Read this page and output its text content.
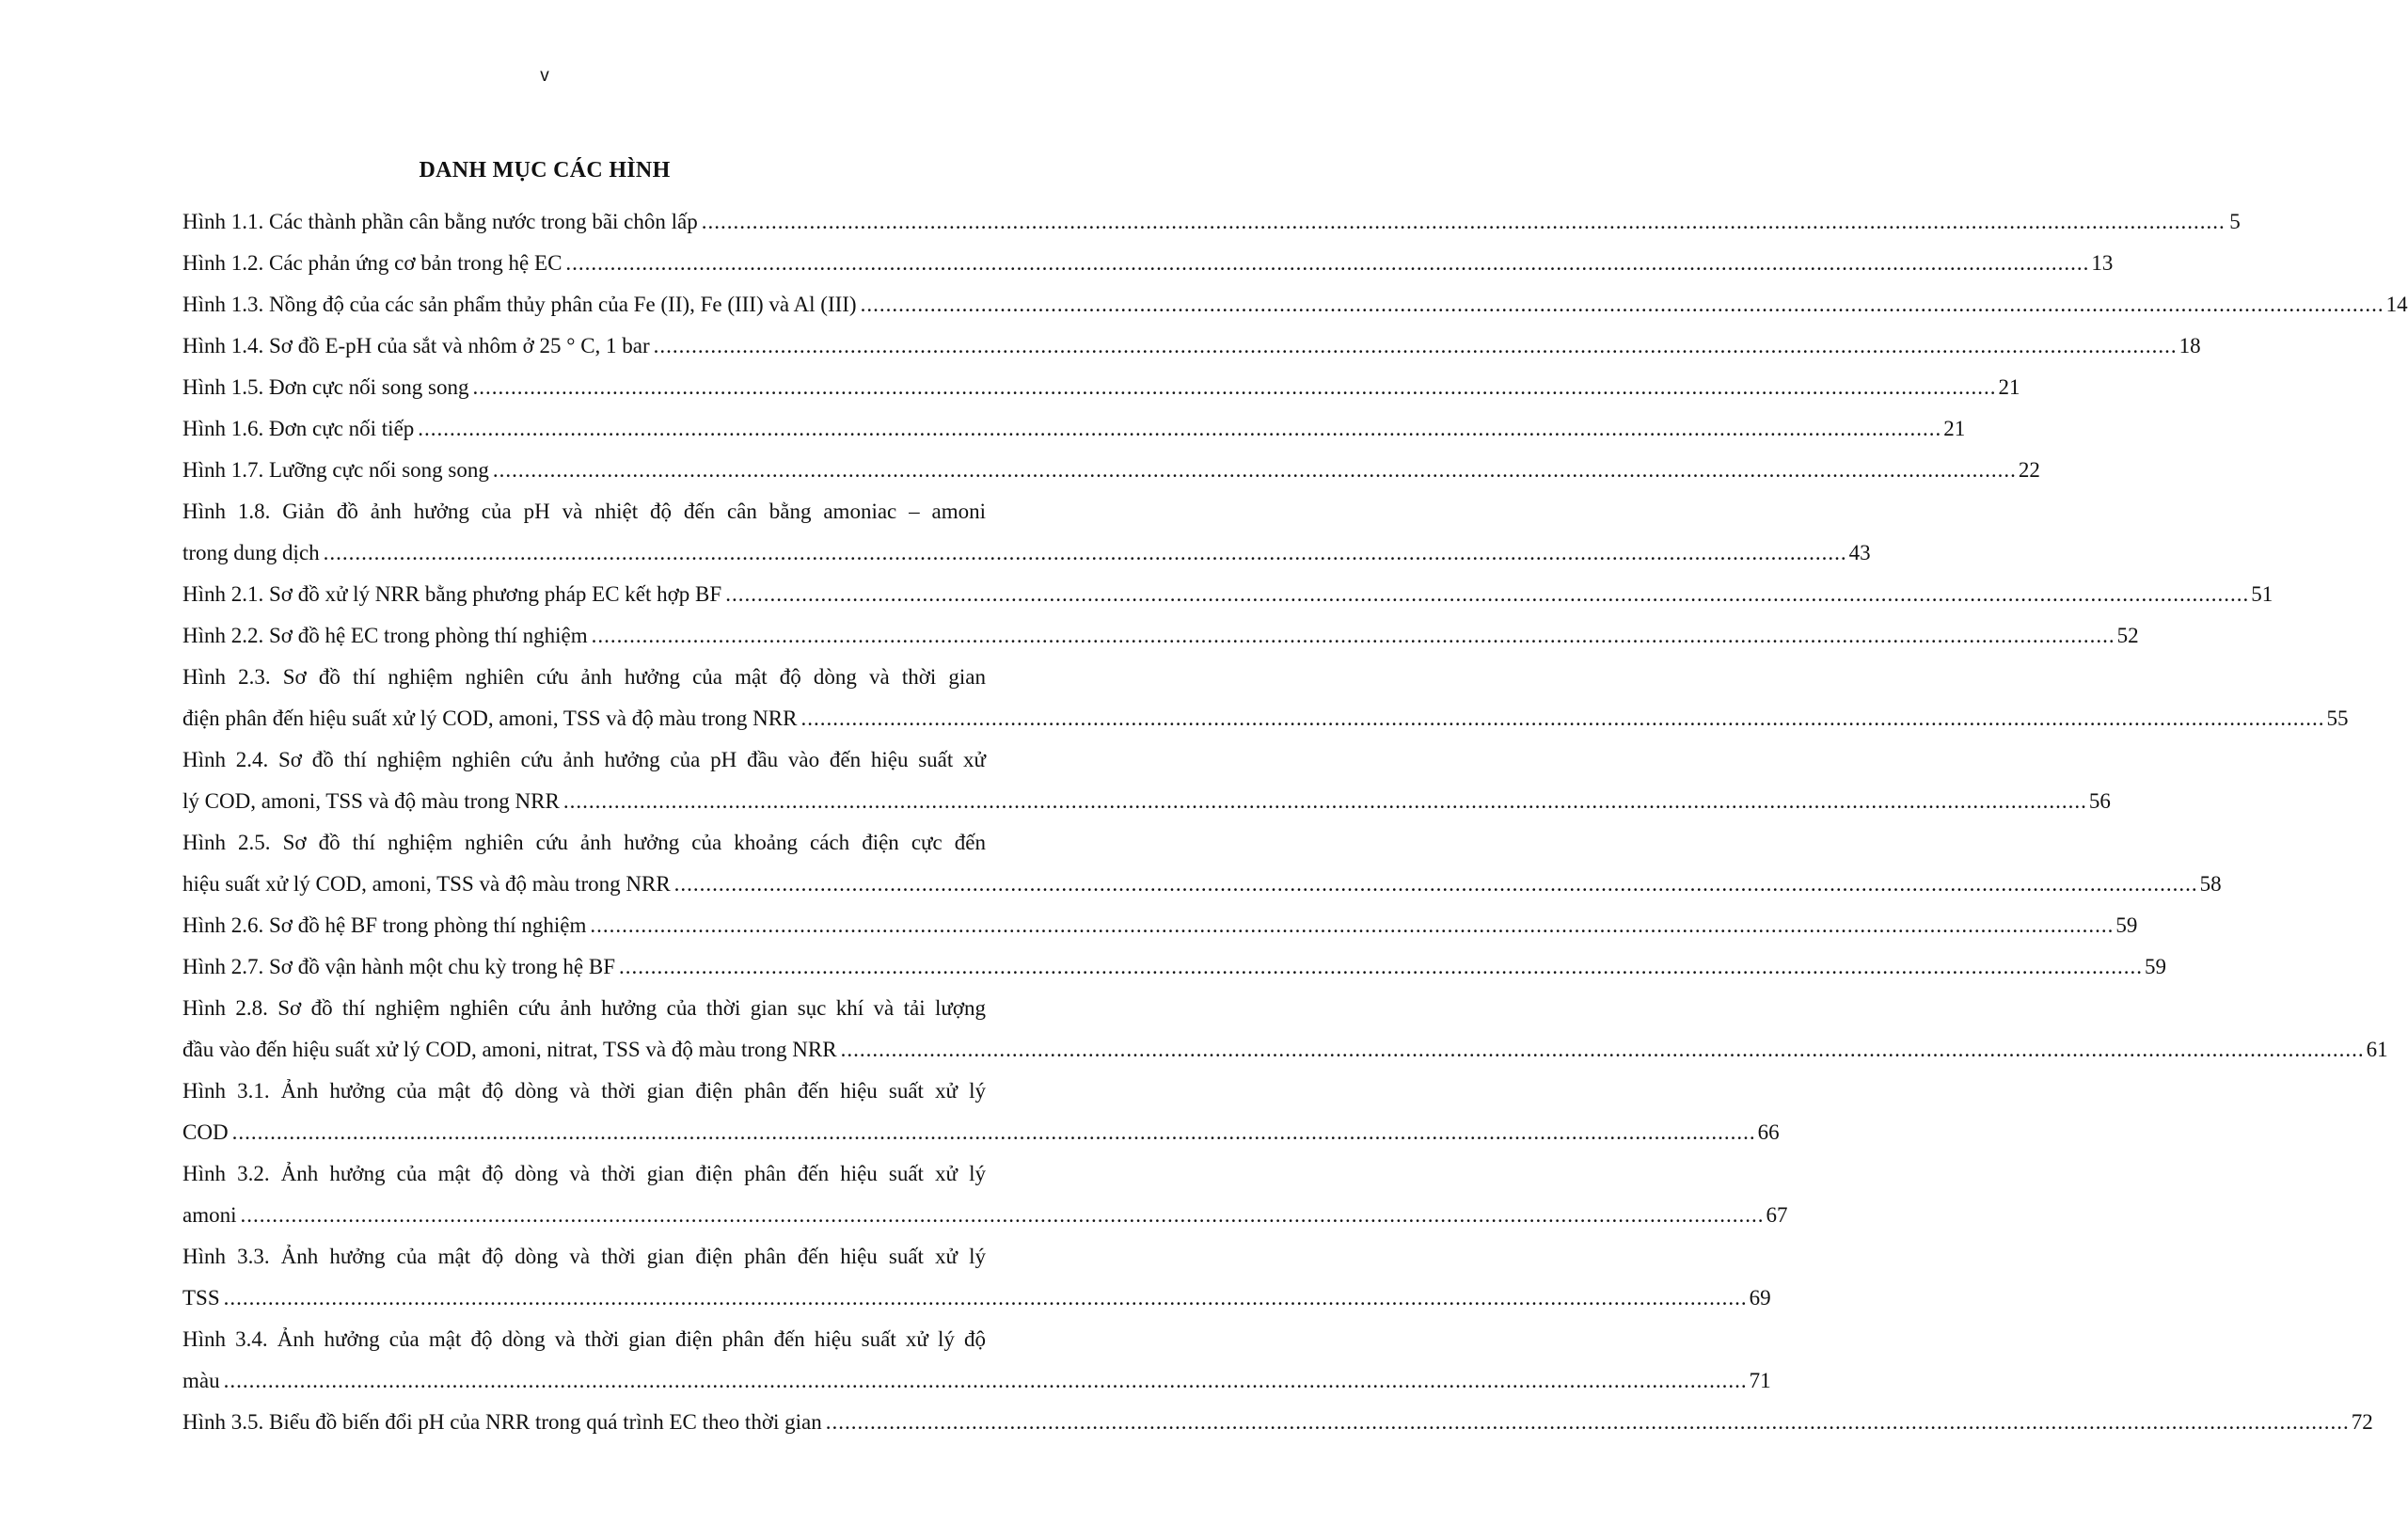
v
DANH MỤC CÁC HÌNH
Hình 1.1. Các thành phần cân bằng nước trong bãi chôn lấp .....	5
Hình 1.2. Các phản ứng cơ bản trong hệ EC .....	13
Hình 1.3. Nồng độ của các sản phẩm thủy phân của Fe (II), Fe (III) và Al (III) .....	14
Hình 1.4. Sơ đồ E-pH của sắt và nhôm ở 25 ° C, 1 bar .....	18
Hình 1.5. Đơn cực nối song song .....	21
Hình 1.6. Đơn cực nối tiếp .....	21
Hình 1.7. Lưỡng cực nối song song .....	22
Hình 1.8. Giản đồ ảnh hưởng của pH và nhiệt độ đến cân bằng amoniac – amoni
trong dung dịch .....	43
Hình 2.1. Sơ đồ xử lý NRR bằng phương pháp EC kết hợp BF .....	51
Hình 2.2. Sơ đồ hệ EC trong phòng thí nghiệm .....	52
Hình 2.3. Sơ đồ thí nghiệm nghiên cứu ảnh hưởng của mật độ dòng và thời gian
điện phân đến hiệu suất xử lý COD, amoni, TSS và độ màu trong NRR .....	55
Hình 2.4. Sơ đồ thí nghiệm nghiên cứu ảnh hưởng của pH đầu vào đến hiệu suất xử
lý COD, amoni, TSS và độ màu trong NRR .....	56
Hình 2.5. Sơ đồ thí nghiệm nghiên cứu ảnh hưởng của khoảng cách điện cực đến
hiệu suất xử lý COD, amoni, TSS và độ màu trong NRR .....	58
Hình 2.6. Sơ đồ hệ BF trong phòng thí nghiệm .....	59
Hình 2.7. Sơ đồ vận hành một chu kỳ trong hệ BF .....	59
Hình 2.8. Sơ đồ thí nghiệm nghiên cứu ảnh hưởng của thời gian sục khí và tải lượng
đầu vào đến hiệu suất xử lý COD, amoni, nitrat, TSS và độ màu trong NRR .....	61
Hình 3.1. Ảnh hưởng của mật độ dòng và thời gian điện phân đến hiệu suất xử lý
COD .....	66
Hình 3.2. Ảnh hưởng của mật độ dòng và thời gian điện phân đến hiệu suất xử lý
amoni .....	67
Hình 3.3. Ảnh hưởng của mật độ dòng và thời gian điện phân đến hiệu suất xử lý
TSS .....	69
Hình 3.4. Ảnh hưởng của mật độ dòng và thời gian điện phân đến hiệu suất xử lý độ
màu .....	71
Hình 3.5. Biểu đồ biến đổi pH của NRR trong quá trình EC theo thời gian .....	72
